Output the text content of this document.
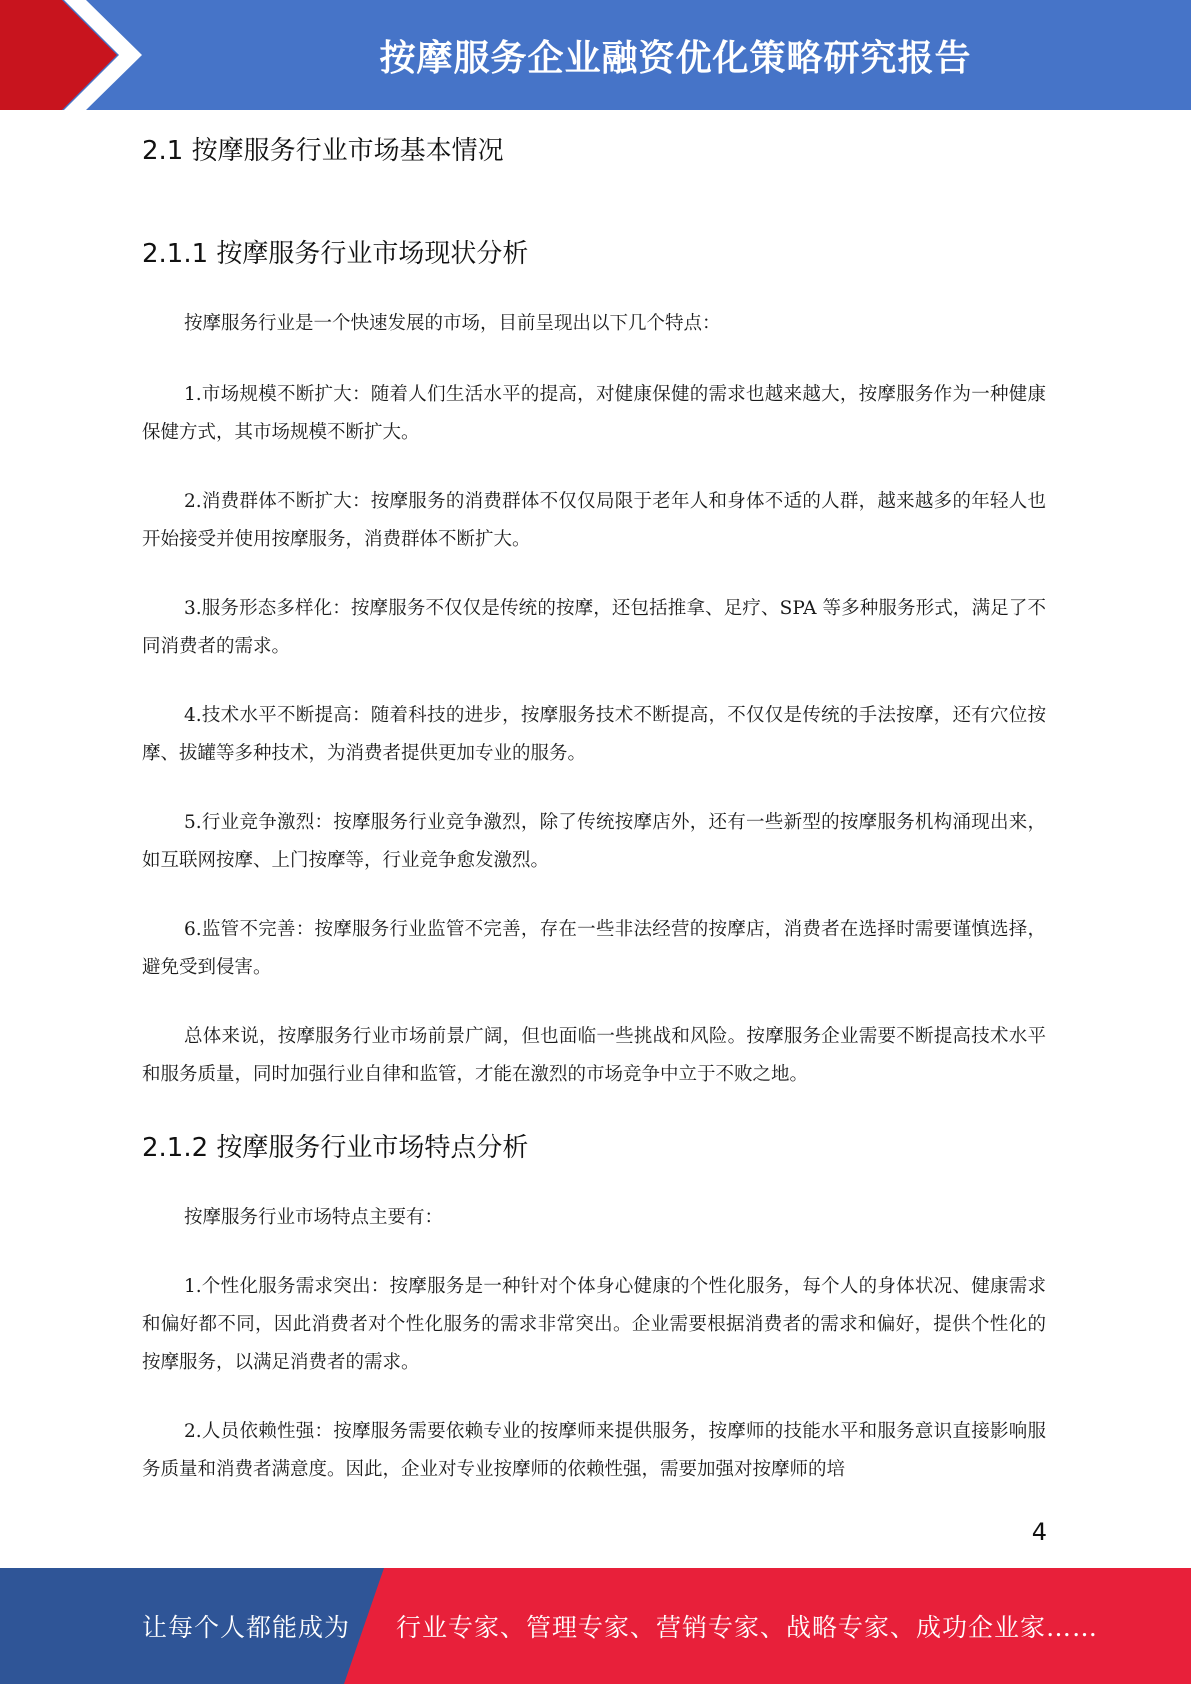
按摩服务企业融资优化策略研究报告
2.1 按摩服务行业市场基本情况
2.1.1 按摩服务行业市场现状分析

按摩服务行业是一个快速发展的市场，目前呈现出以下几个特点：

1.市场规模不断扩大：随着人们生活水平的提高，对健康保健的需求也越来越大，按摩服务作为一种健康保健方式，其市场规模不断扩大。

2.消费群体不断扩大：按摩服务的消费群体不仅仅局限于老年人和身体不适的人群，越来越多的年轻人也开始接受并使用按摩服务，消费群体不断扩大。

3.服务形态多样化：按摩服务不仅仅是传统的按摩，还包括推拿、足疗、SPA 等多种服务形式，满足了不同消费者的需求。

4.技术水平不断提高：随着科技的进步，按摩服务技术不断提高，不仅仅是传统的手法按摩，还有穴位按摩、拔罐等多种技术，为消费者提供更加专业的服务。

5.行业竞争激烈：按摩服务行业竞争激烈，除了传统按摩店外，还有一些新型的按摩服务机构涌现出来，如互联网按摩、上门按摩等，行业竞争愈发激烈。

6.监管不完善：按摩服务行业监管不完善，存在一些非法经营的按摩店，消费者在选择时需要谨慎选择，避免受到侵害。

总体来说，按摩服务行业市场前景广阔，但也面临一些挑战和风险。按摩服务企业需要不断提高技术水平和服务质量，同时加强行业自律和监管，才能在激烈的市场竞争中立于不败之地。

2.1.2 按摩服务行业市场特点分析

按摩服务行业市场特点主要有：

1.个性化服务需求突出：按摩服务是一种针对个体身心健康的个性化服务，每个人的身体状况、健康需求和偏好都不同，因此消费者对个性化服务的需求非常突出。企业需要根据消费者的需求和偏好，提供个性化的按摩服务，以满足消费者的需求。

2.人员依赖性强：按摩服务需要依赖专业的按摩师来提供服务，按摩师的技能水平和服务意识直接影响服务质量和消费者满意度。因此，企业对专业按摩师的依赖性强，需要加强对按摩师的培

4
让每个人都能成为 行业专家、管理专家、营销专家、战略专家、成功企业家……
